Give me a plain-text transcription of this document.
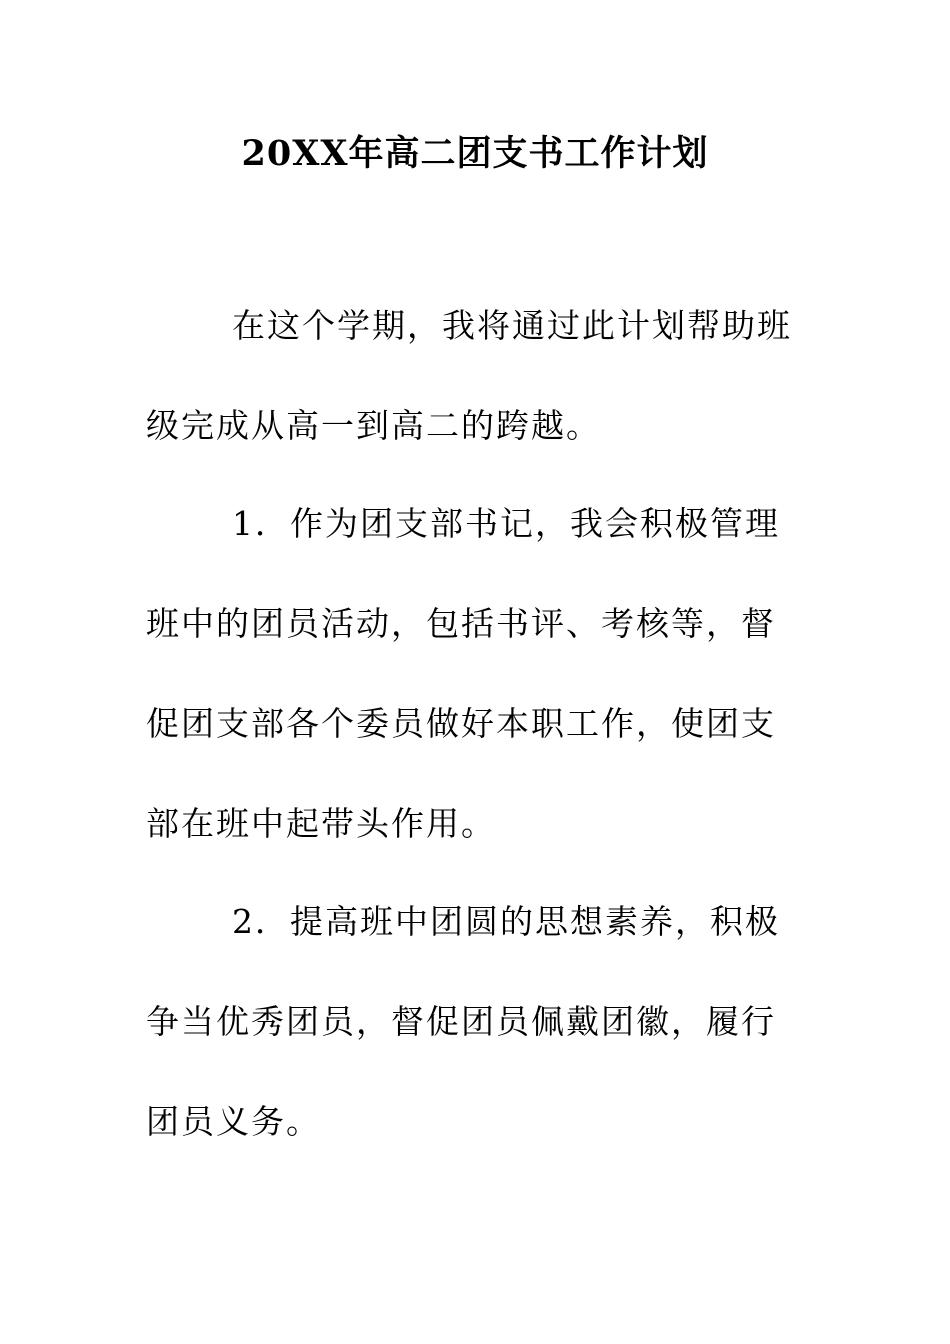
20XX年高二团支书工作计划
在这个学期，我将通过此计划帮助班
级完成从高一到高二的跨越。
1．作为团支部书记，我会积极管理
班中的团员活动，包括书评、考核等，督
促团支部各个委员做好本职工作，使团支
部在班中起带头作用。
2．提高班中团圆的思想素养，积极
争当优秀团员，督促团员佩戴团徽，履行
团员义务。
